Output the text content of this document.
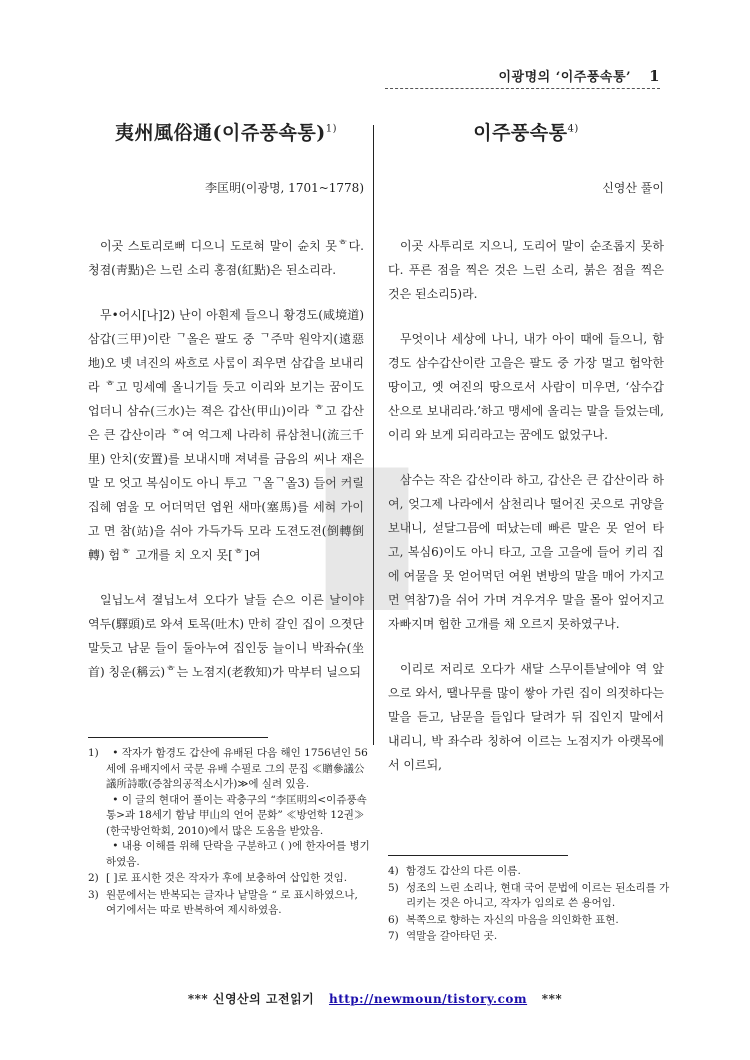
이광명의 ‘이주풍속통’ 1
夷州風俗通(이쥬풍쇽통)$^{1)}$
李匡明(이광명, 1701~1778)

이곳 스토리로뻐 디으니 도로혀 말이 슌치 못ᄒ다. 쳥졈(靑點)은 느린 소리 홍졈(紅點)은 된소리라.

무•어시[나]2) 난이 아흰제 들으니 황경도(咸境道) 삼갑(三甲)이란 ᄀ올은 팔도 중 ᄀ주막 원악지(遠惡地)오 녯 녀진의 싸흐로 사ᄅᆞᆷ이 죄우면 삼갑을 보내리라 ᄒ고 밍세예 올니기들 듯고 이리와 보기는 꿈이도 업더니 삼슈(三水)는 젹은 갑산(甲山)이라 ᄒ고 갑산은 큰 갑산이라 ᄒ여 억그제 나라히 류삼쳔니(流三千里) 안치(安置)를 보내시매 져녁를 금음의 씨나 재은 말 모 엇고 복심이도 아니 투고 ᄀ올ᄀ올3) 들어 커릴 집헤 염울 모 어더먹던 엽윈 새마(塞馬)를 세혀 가이고 면 참(站)을 쉬아 가득가득 모라 도젼도젼(倒轉倒轉) 험ᄒ 고개를 치 오지 못[ᄒ]여

일닙노셔 졀닙노셔 오다가 날들 슨으 이른 날이야 역두(驛頭)로 와셔 토목(吐木) 만히 갈인 집이 으졋단 말듯고 남문 들이 둘아누여 집인둥 늘이니 박좌슈(坐首) 칭운(稱云)ᄒ는 노졈지(老敎知)가 막부터 닐으되

이주풍속통$^{4)}$
신영산 풀이

이곳 사투리로 지으니, 도리어 말이 순조롭지 못하다. 푸른 점을 찍은 것은 느린 소리, 붉은 점을 찍은 것은 된소리5)라.

무엇이나 세상에 나니, 내가 아이 때에 들으니, 함경도 삼수갑산이란 고을은 팔도 중 가장 멀고 험악한 땅이고, 옛 여진의 땅으로서 사람이 미우면, ‘삼수갑산으로 보내리라.’하고 맹세에 올리는 말을 들었는데, 이리 와 보게 되리라고는 꿈에도 없었구나.

삼수는 작은 갑산이라 하고, 갑산은 큰 갑산이라 하여, 엊그제 나라에서 삼천리나 떨어진 곳으로 귀양을 보내니, 섣달그믐에 떠났는데 빠른 말은 못 얻어 타고, 복심6)이도 아니 타고, 고을 고을에 들어 키리 집에 여물을 못 얻어먹던 여윈 변방의 말을 매어 가지고 먼 역참7)을 쉬어 가며 겨우겨우 말을 몰아 엎어지고 자빠지며 험한 고개를 채 오르지 못하였구나.

이리로 저리로 오다가 새달 스무이튿날에야 역 앞으로 와서, 땔나무를 많이 쌓아 가린 집이 의젓하다는 말을 듣고, 남문을 들입다 달려가 뒤 집인지 말에서 내리니, 박 좌수라 칭하여 이르는 노점지가 아랫목에서 이르되,

▉
1)	• 작자가 함경도 갑산에 유배된 다음 해인 1756년인 56세에 유배지에서 국문 유배 수필로 그의 문집 ≪贈參議公議所詩歌(증참의공적소시가)≫에 실려 있음.
• 이 글의 현대어 풀이는 곽충구의 “李匡明의<이쥬풍쇽통>과 18세기 함남 甲山의 언어 문화” ≪방언학 12권≫ (한국방언학회, 2010)에서 많은 도움을 받았음.
• 내용 이해를 위해 단락을 구분하고 ( )에 한자어를 병기하였음.
2) [ ]로 표시한 것은 작자가 후에 보충하여 삽입한 것임.
3) 원문에서는 반복되는 글자나 낱말을 “ 로 표시하였으나, 여기에서는 따로 반복하여 제시하였음.
4) 함경도 갑산의 다른 이름.
5) 성조의 느린 소리나, 현대 국어 문법에 이르는 된소리를 가리키는 것은 아니고, 작자가 임의로 쓴 용어임.
6) 복쪽으로 향하는 자신의 마음을 의인화한 표현.
7) 역말을 갈아타던 곳.
*** 신영산의 고전읽기 http://newmoun/tistory.com ***
